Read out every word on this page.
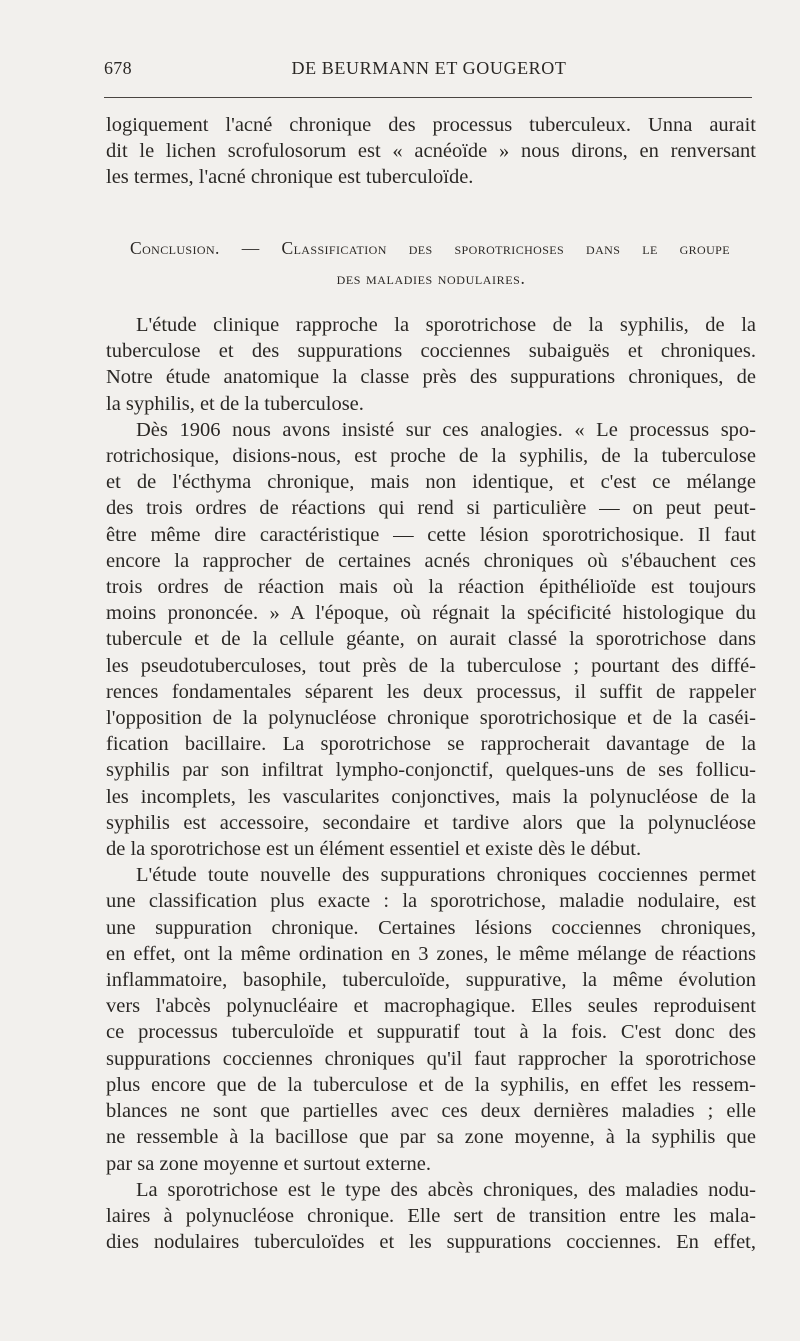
678	DE BEURMANN ET GOUGEROT

logiquement l'acné chronique des processus tuberculeux. Unna aurait

dit le lichen scrofulosorum est « acnéoïde » nous dirons, en renversant

les termes, l'acné chronique est tuberculoïde.

Conclusion. — Classification des sporotrichoses dans le groupe
des maladies nodulaires.

L'étude clinique rapproche la sporotrichose de la syphilis, de la

tuberculose et des suppurations cocciennes subaiguës et chroniques.

Notre étude anatomique la classe près des suppurations chroniques, de

la syphilis, et de la tuberculose.

Dès 1906 nous avons insisté sur ces analogies. « Le processus spo-

rotrichosique, disions-nous, est proche de la syphilis, de la tuberculose

et de l'écthyma chronique, mais non identique, et c'est ce mélange

des trois ordres de réactions qui rend si particulière — on peut peut-

être même dire caractéristique — cette lésion sporotrichosique. Il faut

encore la rapprocher de certaines acnés chroniques où s'ébauchent ces

trois ordres de réaction mais où la réaction épithélioïde est toujours

moins prononcée. » A l'époque, où régnait la spécificité histologique du

tubercule et de la cellule géante, on aurait classé la sporotrichose dans

les pseudotuberculoses, tout près de la tuberculose ; pourtant des diffé-

rences fondamentales séparent les deux processus, il suffit de rappeler

l'opposition de la polynucléose chronique sporotrichosique et de la caséi-

fication bacillaire. La sporotrichose se rapprocherait davantage de la

syphilis par son infiltrat lympho-conjonctif, quelques-uns de ses follicu-

les incomplets, les vascularites conjonctives, mais la polynucléose de la

syphilis est accessoire, secondaire et tardive alors que la polynucléose

de la sporotrichose est un élément essentiel et existe dès le début.

L'étude toute nouvelle des suppurations chroniques cocciennes permet

une classification plus exacte : la sporotrichose, maladie nodulaire, est

une suppuration chronique. Certaines lésions cocciennes chroniques,

en effet, ont la même ordination en 3 zones, le même mélange de réactions

inflammatoire, basophile, tuberculoïde, suppurative, la même évolution

vers l'abcès polynucléaire et macrophagique. Elles seules reproduisent

ce processus tuberculoïde et suppuratif tout à la fois. C'est donc des

suppurations cocciennes chroniques qu'il faut rapprocher la sporotrichose

plus encore que de la tuberculose et de la syphilis, en effet les ressem-

blances ne sont que partielles avec ces deux dernières maladies ; elle

ne ressemble à la bacillose que par sa zone moyenne, à la syphilis que

par sa zone moyenne et surtout externe.

La sporotrichose est le type des abcès chroniques, des maladies nodu-

laires à polynucléose chronique. Elle sert de transition entre les mala-

dies nodulaires tuberculoïdes et les suppurations cocciennes. En effet,
